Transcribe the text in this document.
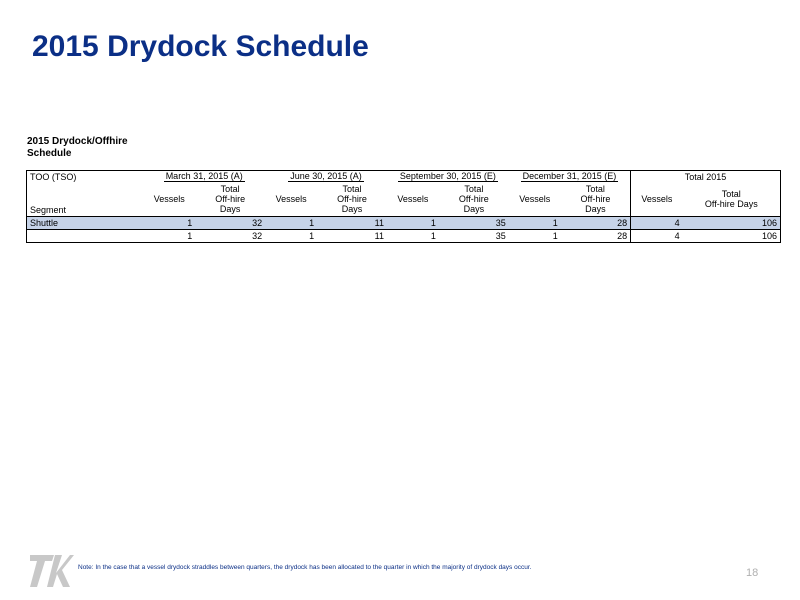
2015 Drydock Schedule
2015 Drydock/Offhire Schedule
TOO (TSO)	March 31, 2015 (A)		June 30, 2015 (A)		September 30, 2015 (E)		December 31, 2015 (E)		Total 2015	
Segment	Vessels	Total
Off-hire
Days	Vessels	Total
Off-hire
Days	Vessels	Total
Off-hire
Days	Vessels	Total
Off-hire
Days	Vessels	Total
Off-hire Days
Shuttle	1	32	1	11	1	35	1	28	4	106
	1	32	1	11	1	35	1	28	4	106
Note: In the case that a vessel drydock straddles between quarters, the drydock has been allocated to the quarter in which the majority of drydock days occur.	18
